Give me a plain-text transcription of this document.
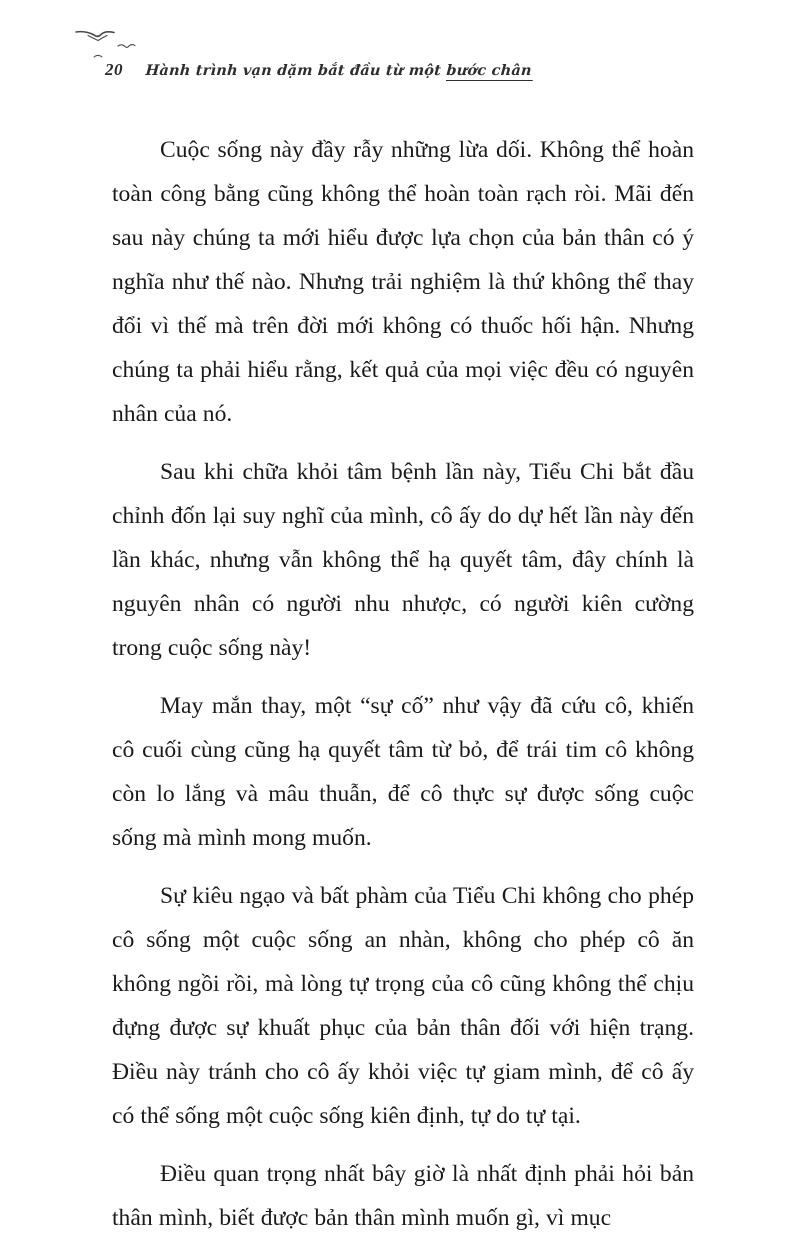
20 Hành trình vạn dặm bắt đầu từ một bước chân

Cuộc sống này đầy rẫy những lừa dối. Không thể hoàn toàn công bằng cũng không thể hoàn toàn rạch ròi. Mãi đến sau này chúng ta mới hiểu được lựa chọn của bản thân có ý nghĩa như thế nào. Nhưng trải nghiệm là thứ không thể thay đổi vì thế mà trên đời mới không có thuốc hối hận. Nhưng chúng ta phải hiểu rằng, kết quả của mọi việc đều có nguyên nhân của nó.

Sau khi chữa khỏi tâm bệnh lần này, Tiểu Chi bắt đầu chỉnh đốn lại suy nghĩ của mình, cô ấy do dự hết lần này đến lần khác, nhưng vẫn không thể hạ quyết tâm, đây chính là nguyên nhân có người nhu nhược, có người kiên cường trong cuộc sống này!

May mắn thay, một “sự cố” như vậy đã cứu cô, khiến cô cuối cùng cũng hạ quyết tâm từ bỏ, để trái tim cô không còn lo lắng và mâu thuẫn, để cô thực sự được sống cuộc sống mà mình mong muốn.

Sự kiêu ngạo và bất phàm của Tiểu Chi không cho phép cô sống một cuộc sống an nhàn, không cho phép cô ăn không ngồi rồi, mà lòng tự trọng của cô cũng không thể chịu đựng được sự khuất phục của bản thân đối với hiện trạng. Điều này tránh cho cô ấy khỏi việc tự giam mình, để cô ấy có thể sống một cuộc sống kiên định, tự do tự tại.

Điều quan trọng nhất bây giờ là nhất định phải hỏi bản thân mình, biết được bản thân mình muốn gì, vì mục
